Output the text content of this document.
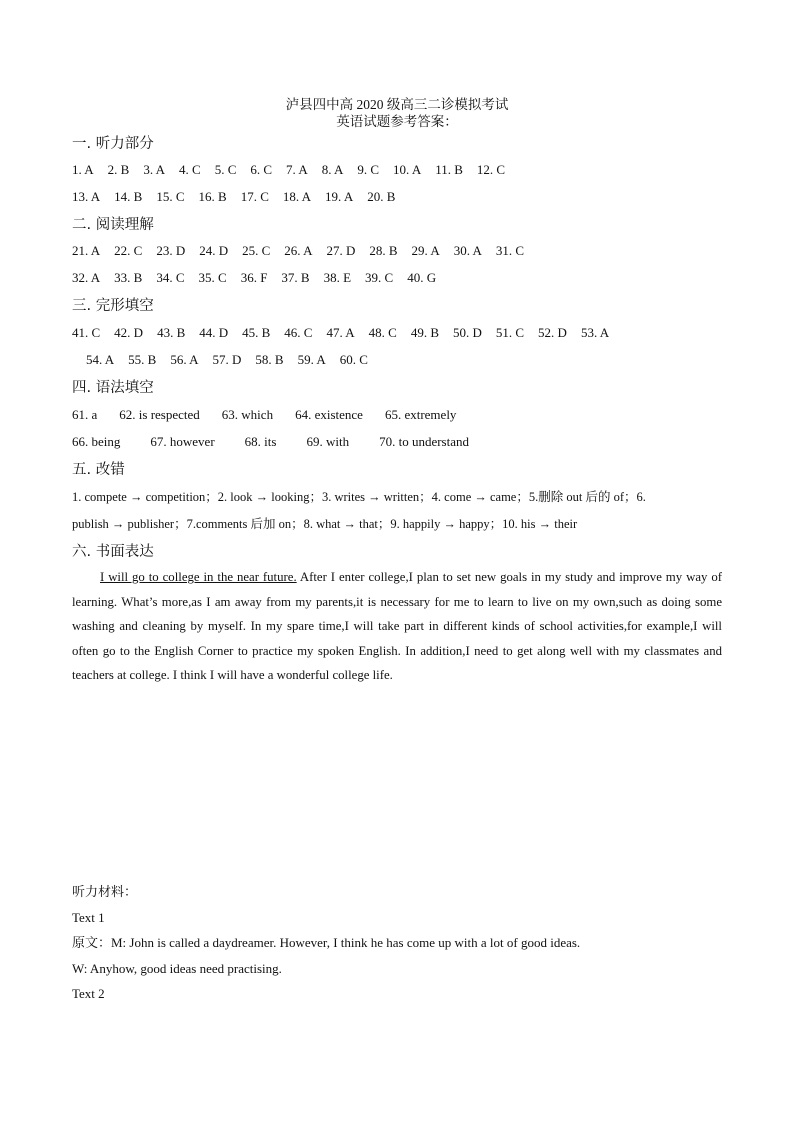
泸县四中高 2020 级高三二诊模拟考试
英语试题参考答案：
一. 听力部分
1. A 2. B 3. A 4. C 5. C 6. C 7. A 8. A 9. C 10. A 11. B 12. C
13. A 14. B 15. C 16. B 17. C 18. A 19. A 20. B
二. 阅读理解
21. A 22. C 23. D 24. D 25. C 26. A 27. D 28. B 29. A 30. A 31. C
32. A 33. B 34. C 35. C 36. F 37. B 38. E 39. C 40. G
三. 完形填空
41. C 42. D 43. B 44. D 45. B 46. C 47. A 48. C 49. B 50. D 51. C 52. D 53. A
54. A 55. B 56. A 57. D 58. B 59. A 60. C
四. 语法填空
61. a 62. is respected 63. which 64. existence 65. extremely
66. being 67. however 68. its 69. with 70. to understand
五. 改错
1. compete → competition；2. look → looking；3. writes → written；4. come → came；5.删除 out 后的 of；6.
publish → publisher；7.comments 后加 on；8. what → that；9. happily → happy；10. his → their
六. 书面表达
I will go to college in the near future. After I enter college,I plan to set new goals in my study and improve my way of learning. What’s more,as I am away from my parents,it is necessary for me to learn to live on my own,such as doing some washing and cleaning by myself. In my spare time,I will take part in different kinds of school activities,for example,I will often go to the English Corner to practice my spoken English. In addition,I need to get along well with my classmates and teachers at college. I think I will have a wonderful college life.
听力材料：
Text 1
原文：M: John is called a daydreamer. However, I think he has come up with a lot of good ideas.
W: Anyhow, good ideas need practising.
Text 2
